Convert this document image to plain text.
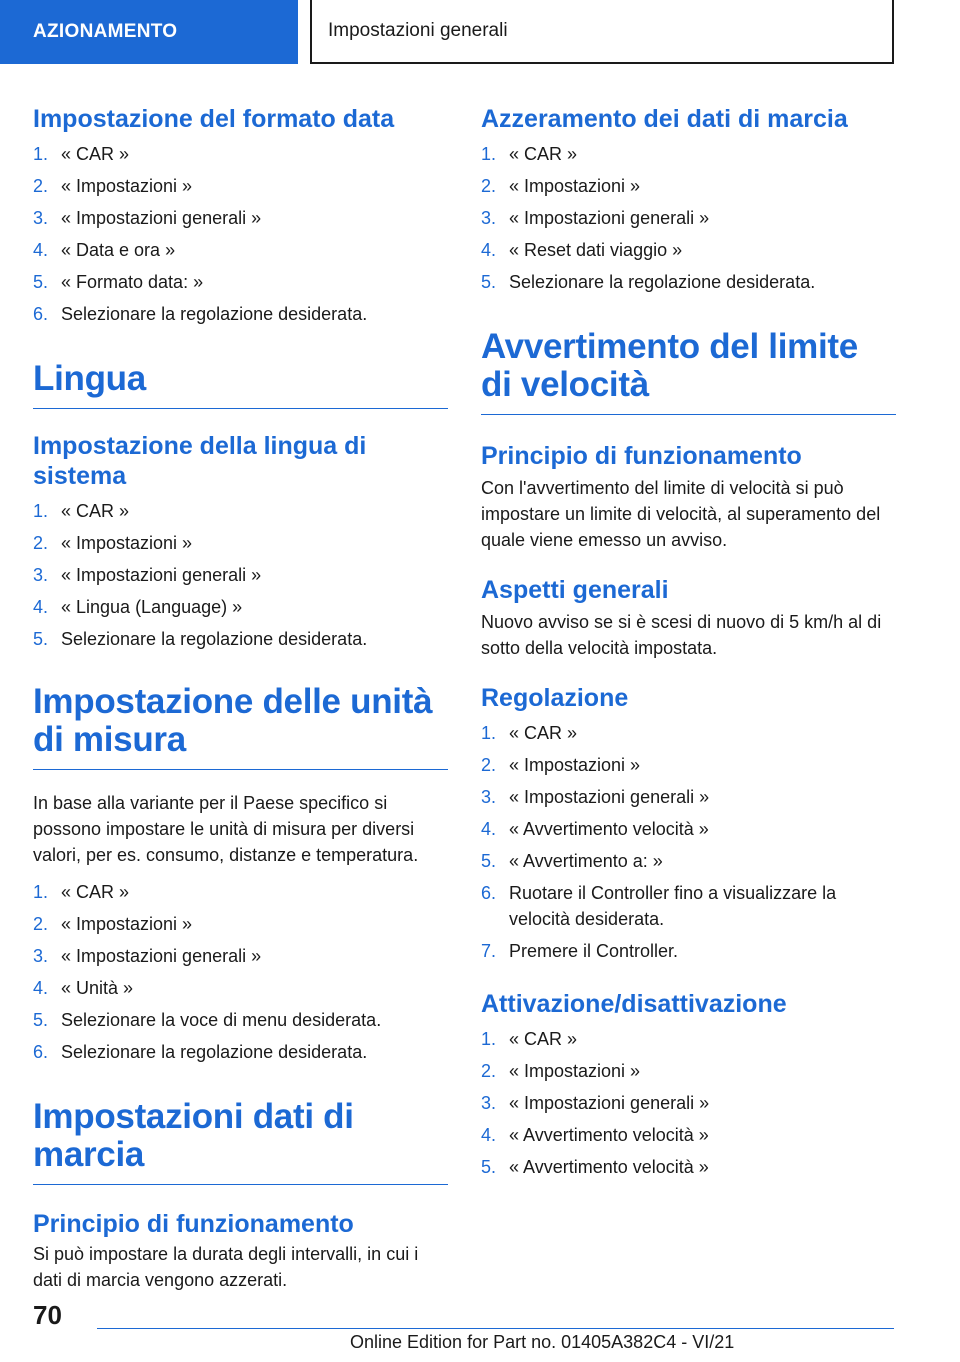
AZIONAMENTO	Impostazioni generali
Impostazione del formato data
1. « CAR »
2. « Impostazioni »
3. « Impostazioni generali »
4. « Data e ora »
5. « Formato data: »
6. Selezionare la regolazione desiderata.
Lingua
Impostazione della lingua di sistema
1. « CAR »
2. « Impostazioni »
3. « Impostazioni generali »
4. « Lingua (Language) »
5. Selezionare la regolazione desiderata.
Impostazione delle unità di misura

In base alla variante per il Paese specifico si possono impostare le unità di misura per diversi valori, per es. consumo, distanze e temperatura.

1. « CAR »
2. « Impostazioni »
3. « Impostazioni generali »
4. « Unità »
5. Selezionare la voce di menu desiderata.
6. Selezionare la regolazione desiderata.
Impostazioni dati di marcia
Principio di funzionamento

Si può impostare la durata degli intervalli, in cui i dati di marcia vengono azzerati.

Azzeramento dei dati di marcia
1. « CAR »
2. « Impostazioni »
3. « Impostazioni generali »
4. « Reset dati viaggio »
5. Selezionare la regolazione desiderata.
Avvertimento del limite di velocità
Principio di funzionamento

Con l'avvertimento del limite di velocità si può impostare un limite di velocità, al superamento del quale viene emesso un avviso.

Aspetti generali

Nuovo avviso se si è scesi di nuovo di 5 km/h al di sotto della velocità impostata.

Regolazione
1. « CAR »
2. « Impostazioni »
3. « Impostazioni generali »
4. « Avvertimento velocità »
5. « Avvertimento a: »
6. Ruotare il Controller fino a visualizzare la velocità desiderata.
7. Premere il Controller.
Attivazione/disattivazione
1. « CAR »
2. « Impostazioni »
3. « Impostazioni generali »
4. « Avvertimento velocità »
5. « Avvertimento velocità »
70
Online Edition for Part no. 01405A382C4 - VI/21
